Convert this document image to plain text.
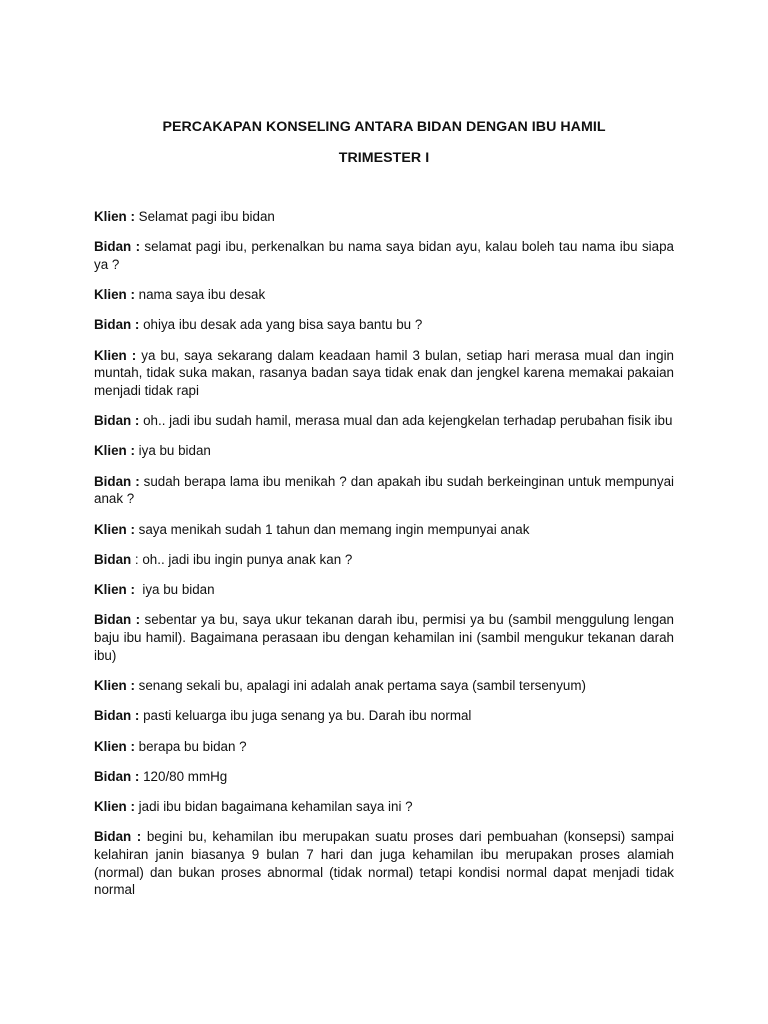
PERCAKAPAN KONSELING ANTARA BIDAN DENGAN IBU HAMIL
TRIMESTER I

Klien : Selamat pagi ibu bidan

Bidan : selamat pagi ibu, perkenalkan bu nama saya bidan ayu, kalau boleh tau nama ibu siapa ya ?

Klien : nama saya ibu desak

Bidan : ohiya ibu desak ada yang bisa saya bantu bu ?

Klien : ya bu, saya sekarang dalam keadaan hamil 3 bulan, setiap hari merasa mual dan ingin muntah, tidak suka makan, rasanya badan saya tidak enak dan jengkel karena memakai pakaian menjadi tidak rapi

Bidan : oh.. jadi ibu sudah hamil, merasa mual dan ada kejengkelan terhadap perubahan fisik ibu

Klien : iya bu bidan

Bidan : sudah berapa lama ibu menikah ? dan apakah ibu sudah berkeinginan untuk mempunyai anak ?

Klien : saya menikah sudah 1 tahun dan memang ingin mempunyai anak

Bidan : oh.. jadi ibu ingin punya anak kan ?

Klien :  iya bu bidan

Bidan : sebentar ya bu, saya ukur tekanan darah ibu, permisi ya bu (sambil menggulung lengan baju ibu hamil). Bagaimana perasaan ibu dengan kehamilan ini (sambil mengukur tekanan darah ibu)

Klien : senang sekali bu, apalagi ini adalah anak pertama saya (sambil tersenyum)

Bidan : pasti keluarga ibu juga senang ya bu. Darah ibu normal

Klien : berapa bu bidan ?

Bidan : 120/80 mmHg

Klien : jadi ibu bidan bagaimana kehamilan saya ini ?

Bidan : begini bu, kehamilan ibu merupakan suatu proses dari pembuahan (konsepsi) sampai kelahiran janin biasanya 9 bulan 7 hari dan juga kehamilan ibu merupakan proses alamiah (normal) dan bukan proses abnormal (tidak normal) tetapi kondisi normal dapat menjadi tidak normal
